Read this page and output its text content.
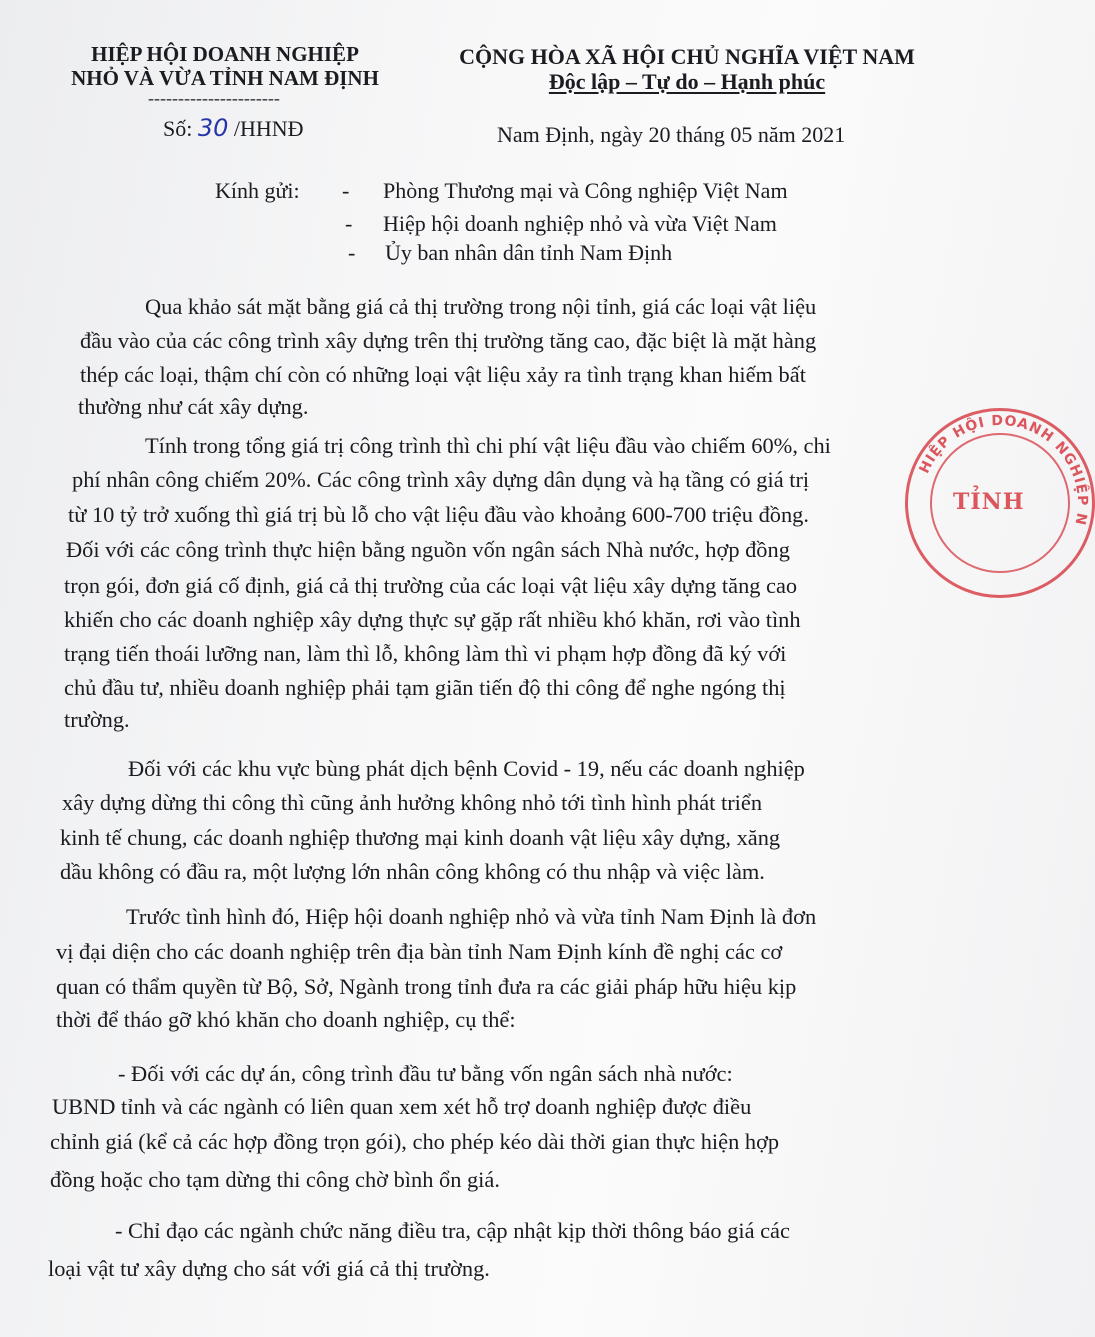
HIỆP HỘI DOANH NGHIỆP
NHỎ VÀ VỪA TỈNH NAM ĐỊNH
----------------------
Số: 30 /HHNĐ
CỘNG HÒA XÃ HỘI CHỦ NGHĨA VIỆT NAM
Độc lập – Tự do – Hạnh phúc
Nam Định, ngày 20 tháng 05 năm 2021
Kính gửi: - Phòng Thương mại và Công nghiệp Việt Nam
- Hiệp hội doanh nghiệp nhỏ và vừa Việt Nam
- Ủy ban nhân dân tỉnh Nam Định
Qua khảo sát mặt bằng giá cả thị trường trong nội tỉnh, giá các loại vật liệu
đầu vào của các công trình xây dựng trên thị trường tăng cao, đặc biệt là mặt hàng
thép các loại, thậm chí còn có những loại vật liệu xảy ra tình trạng khan hiếm bất
thường như cát xây dựng.
Tính trong tổng giá trị công trình thì chi phí vật liệu đầu vào chiếm 60%, chi
phí nhân công chiếm 20%. Các công trình xây dựng dân dụng và hạ tầng có giá trị
từ 10 tỷ trở xuống thì giá trị bù lỗ cho vật liệu đầu vào khoảng 600-700 triệu đồng.
Đối với các công trình thực hiện bằng nguồn vốn ngân sách Nhà nước, hợp đồng
trọn gói, đơn giá cố định, giá cả thị trường của các loại vật liệu xây dựng tăng cao
khiến cho các doanh nghiệp xây dựng thực sự gặp rất nhiều khó khăn, rơi vào tình
trạng tiến thoái lưỡng nan, làm thì lỗ, không làm thì vi phạm hợp đồng đã ký với
chủ đầu tư, nhiều doanh nghiệp phải tạm giãn tiến độ thi công để nghe ngóng thị
trường.
Đối với các khu vực bùng phát dịch bệnh Covid - 19, nếu các doanh nghiệp
xây dựng dừng thi công thì cũng ảnh hưởng không nhỏ tới tình hình phát triển
kinh tế chung, các doanh nghiệp thương mại kinh doanh vật liệu xây dựng, xăng
dầu không có đầu ra, một lượng lớn nhân công không có thu nhập và việc làm.
Trước tình hình đó, Hiệp hội doanh nghiệp nhỏ và vừa tỉnh Nam Định là đơn
vị đại diện cho các doanh nghiệp trên địa bàn tỉnh Nam Định kính đề nghị các cơ
quan có thẩm quyền từ Bộ, Sở, Ngành trong tỉnh đưa ra các giải pháp hữu hiệu kịp
thời để tháo gỡ khó khăn cho doanh nghiệp, cụ thể:
- Đối với các dự án, công trình đầu tư bằng vốn ngân sách nhà nước:
UBND tỉnh và các ngành có liên quan xem xét hỗ trợ doanh nghiệp được điều
chỉnh giá (kể cả các hợp đồng trọn gói), cho phép kéo dài thời gian thực hiện hợp
đồng hoặc cho tạm dừng thi công chờ bình ổn giá.
- Chỉ đạo các ngành chức năng điều tra, cập nhật kịp thời thông báo giá các
loại vật tư xây dựng cho sát với giá cả thị trường.
HIỆP HỘI DOANH NGHIỆP N
TỈNH
